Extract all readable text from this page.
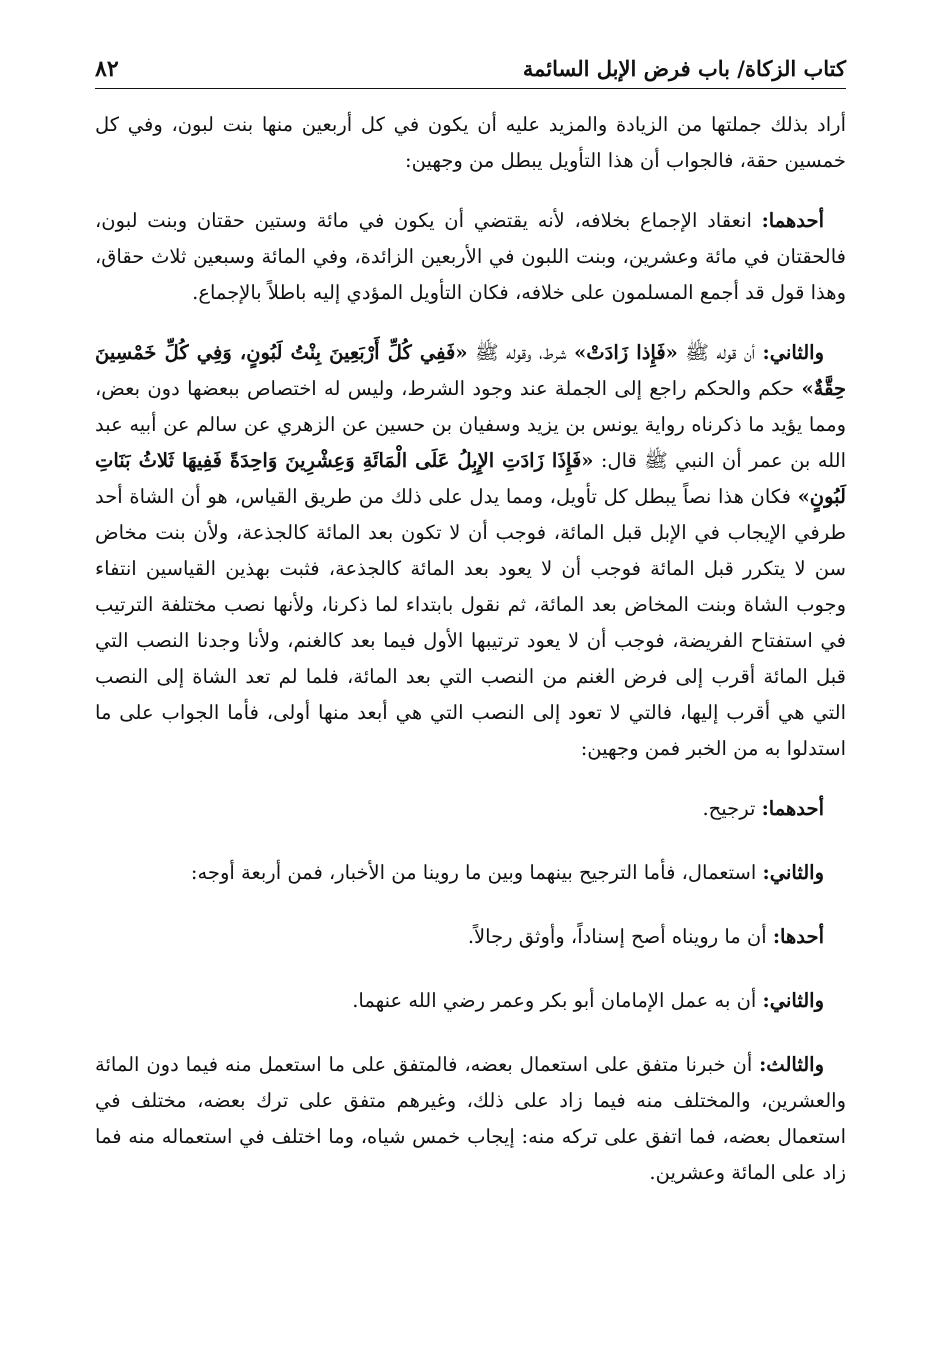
كتاب الزكاة/ باب فرض الإبل السائمة
٨٢

أراد بذلك جملتها من الزيادة والمزيد عليه أن يكون في كل أربعين منها بنت لبون، وفي كل خمسين حقة، فالجواب أن هذا التأويل يبطل من وجهين:

أحدهما: انعقاد الإجماع بخلافه، لأنه يقتضي أن يكون في مائة وستين حقتان وبنت لبون، فالحقتان في مائة وعشرين، وبنت اللبون في الأربعين الزائدة، وفي المائة وسبعين ثلاث حقاق، وهذا قول قد أجمع المسلمون على خلافه، فكان التأويل المؤدي إليه باطلاً بالإجماع.

والثاني: أن قوله ﷺ «فَإِذا زَادَتْ» شرط، وقوله ﷺ «فَفِي كُلِّ أَرْبَعِينَ بِنْتُ لَبُونٍ، وَفِي كُلِّ خَمْسِينَ حِقَّةٌ» حكم والحكم راجع إلى الجملة عند وجود الشرط، وليس له اختصاص ببعضها دون بعض، ومما يؤيد ما ذكرناه رواية يونس بن يزيد وسفيان بن حسين عن الزهري عن سالم عن أبيه عبد الله بن عمر أن النبي ﷺ قال: «فَإِذَا زَادَتِ الإِبِلُ عَلَى الْمَائَةِ وَعِشْرِينَ وَاحِدَةً فَفِيهَا ثَلاثُ بَنَاتِ لَبُونٍ» فكان هذا نصاً يبطل كل تأويل، ومما يدل على ذلك من طريق القياس، هو أن الشاة أحد طرفي الإيجاب في الإبل قبل المائة، فوجب أن لا تكون بعد المائة كالجذعة، ولأن بنت مخاض سن لا يتكرر قبل المائة فوجب أن لا يعود بعد المائة كالجذعة، فثبت بهذين القياسين انتفاء وجوب الشاة وبنت المخاض بعد المائة، ثم نقول بابتداء لما ذكرنا، ولأنها نصب مختلفة الترتيب في استفتاح الفريضة، فوجب أن لا يعود ترتيبها الأول فيما بعد كالغنم، ولأنا وجدنا النصب التي قبل المائة أقرب إلى فرض الغنم من النصب التي بعد المائة، فلما لم تعد الشاة إلى النصب التي هي أقرب إليها، فالتي لا تعود إلى النصب التي هي أبعد منها أولى، فأما الجواب على ما استدلوا به من الخبر فمن وجهين:

أحدهما: ترجيح.

والثاني: استعمال، فأما الترجيح بينهما وبين ما روينا من الأخبار، فمن أربعة أوجه:

أحدها: أن ما رويناه أصح إسناداً، وأوثق رجالاً.

والثاني: أن به عمل الإمامان أبو بكر وعمر رضي الله عنهما.

والثالث: أن خبرنا متفق على استعمال بعضه، فالمتفق على ما استعمل منه فيما دون المائة والعشرين، والمختلف منه فيما زاد على ذلك، وغيرهم متفق على ترك بعضه، مختلف في استعمال بعضه، فما اتفق على تركه منه: إيجاب خمس شياه، وما اختلف في استعماله منه فما زاد على المائة وعشرين.
